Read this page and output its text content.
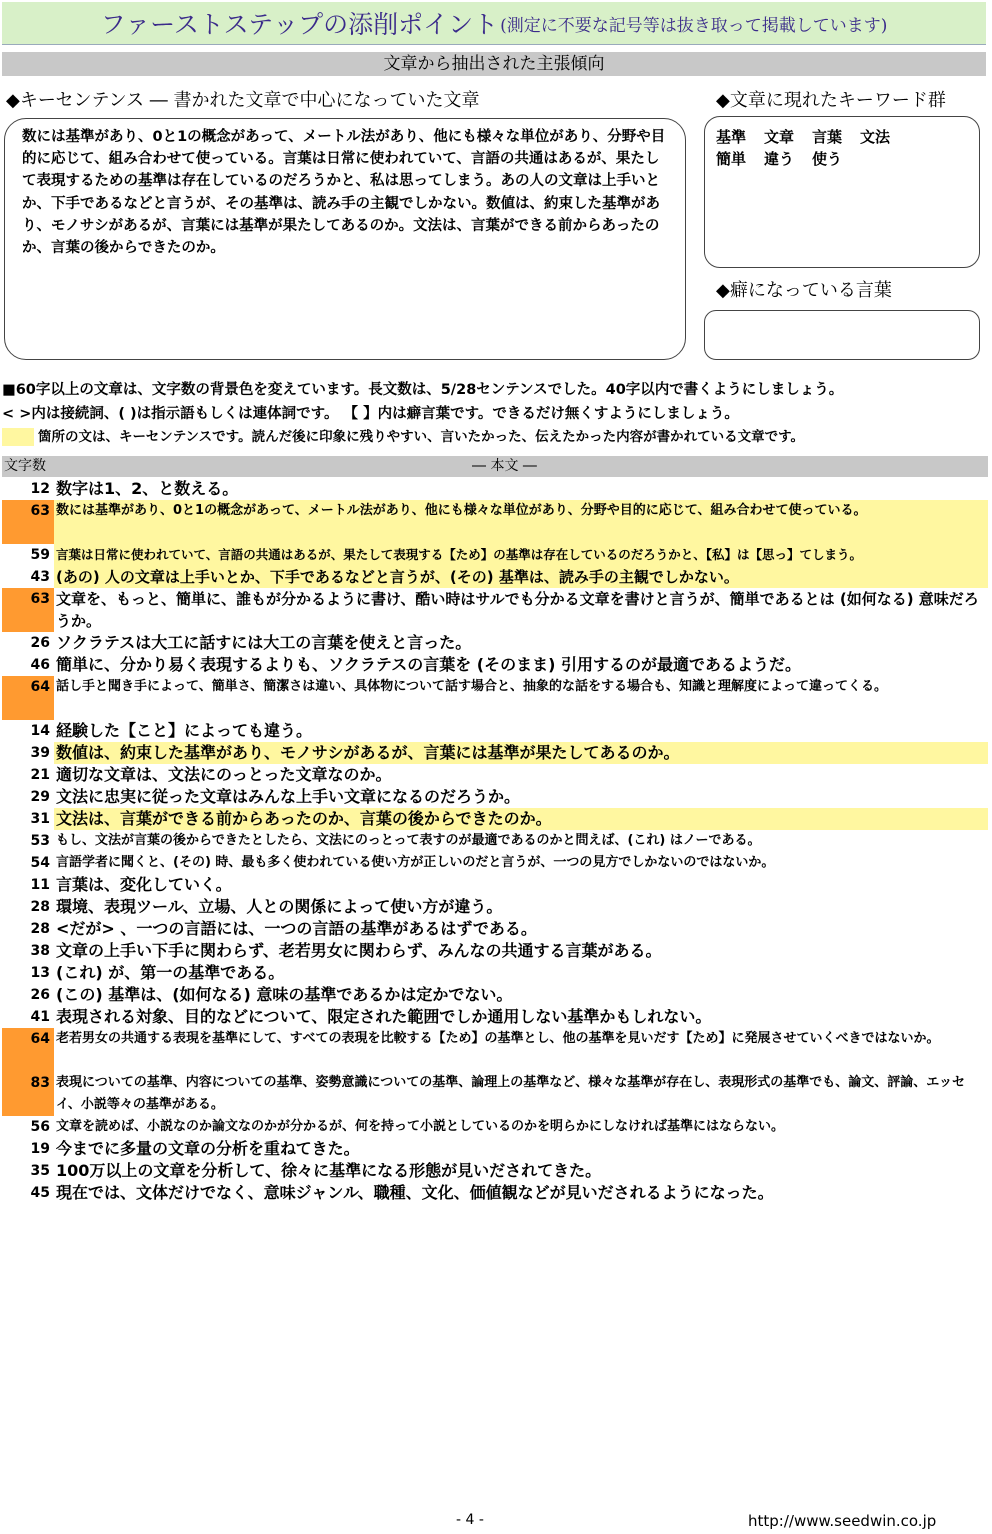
ファーストステップの添削ポイント (測定に不要な記号等は抜き取って掲載しています)
文章から抽出された主張傾向
◆キーセンテンス ― 書かれた文章で中心になっていた文章	◆文章に現れたキーワード群
数には基準があり、0と1の概念があって、メートル法があり、他にも様々な単位があり、分野や目的に応じて、組み合わせて使っている。言葉は日常に使われていて、言語の共通はあるが、果たして表現するための基準は存在しているのだろうかと、私は思ってしまう。あの人の文章は上手いとか、下手であるなどと言うが、その基準は、読み手の主観でしかない。数値は、約束した基準があり、モノサシがあるが、言葉には基準が果たしてあるのか。文法は、言葉ができる前からあったのか、言葉の後からできたのか。
基準 文章 言葉 文法
簡単 違う 使う
◆癖になっている言葉
■60字以上の文章は、文字数の背景色を変えています。長文数は、5/28センテンスでした。40字以内で書くようにしましょう。
< >内は接続詞、( )は指示語もしくは連体詞です。 【 】内は癖言葉です。できるだけ無くすようにしましょう。
箇所の文は、キーセンテンスです。読んだ後に印象に残りやすい、言いたかった、伝えたかった内容が書かれている文章です。
文字数	― 本文 ―
12 数字は1、2、と数える。
63 数には基準があり、0と1の概念があって、メートル法があり、他にも様々な単位があり、分野や目的に応じて、組み合わせて使っている。
59 言葉は日常に使われていて、言語の共通はあるが、果たして表現する【ため】の基準は存在しているのだろうかと、【私】は【思っ】てしまう。
43 (あの) 人の文章は上手いとか、下手であるなどと言うが、(その) 基準は、読み手の主観でしかない。
63 文章を、もっと、簡単に、誰もが分かるように書け、酷い時はサルでも分かる文章を書けと言うが、簡単であるとは (如何なる) 意味だろうか。
26 ソクラテスは大工に話すには大工の言葉を使えと言った。
46 簡単に、分かり易く表現するよりも、ソクラテスの言葉を (そのまま) 引用するのが最適であるようだ。
64 話し手と聞き手によって、簡単さ、簡潔さは違い、具体物について話す場合と、抽象的な話をする場合も、知識と理解度によって違ってくる。
14 経験した【こと】によっても違う。
39 数値は、約束した基準があり、モノサシがあるが、言葉には基準が果たしてあるのか。
21 適切な文章は、文法にのっとった文章なのか。
29 文法に忠実に従った文章はみんな上手い文章になるのだろうか。
31 文法は、言葉ができる前からあったのか、言葉の後からできたのか。
53 もし、文法が言葉の後からできたとしたら、文法にのっとって表すのが最適であるのかと問えば、(これ) はノーである。
54 言語学者に聞くと、(その) 時、最も多く使われている使い方が正しいのだと言うが、一つの見方でしかないのではないか。
11 言葉は、変化していく。
28 環境、表現ツール、立場、人との関係によって使い方が違う。
28 <だが> 、一つの言語には、一つの言語の基準があるはずである。
38 文章の上手い下手に関わらず、老若男女に関わらず、みんなの共通する言葉がある。
13 (これ) が、第一の基準である。
26 (この) 基準は、(如何なる) 意味の基準であるかは定かでない。
41 表現される対象、目的などについて、限定された範囲でしか通用しない基準かもしれない。
64 老若男女の共通する表現を基準にして、すべての表現を比較する【ため】の基準とし、他の基準を見いだす【ため】に発展させていくべきではないか。
83 表現についての基準、内容についての基準、姿勢意識についての基準、論理上の基準など、様々な基準が存在し、表現形式の基準でも、論文、評論、エッセイ、小説等々の基準がある。
56 文章を読めば、小説なのか論文なのかが分かるが、何を持って小説としているのかを明らかにしなければ基準にはならない。
19 今までに多量の文章の分析を重ねてきた。
35 100万以上の文章を分析して、徐々に基準になる形態が見いだされてきた。
45 現在では、文体だけでなく、意味ジャンル、職種、文化、価値観などが見いだされるようになった。
- 4 -	http://www.seedwin.co.jp
